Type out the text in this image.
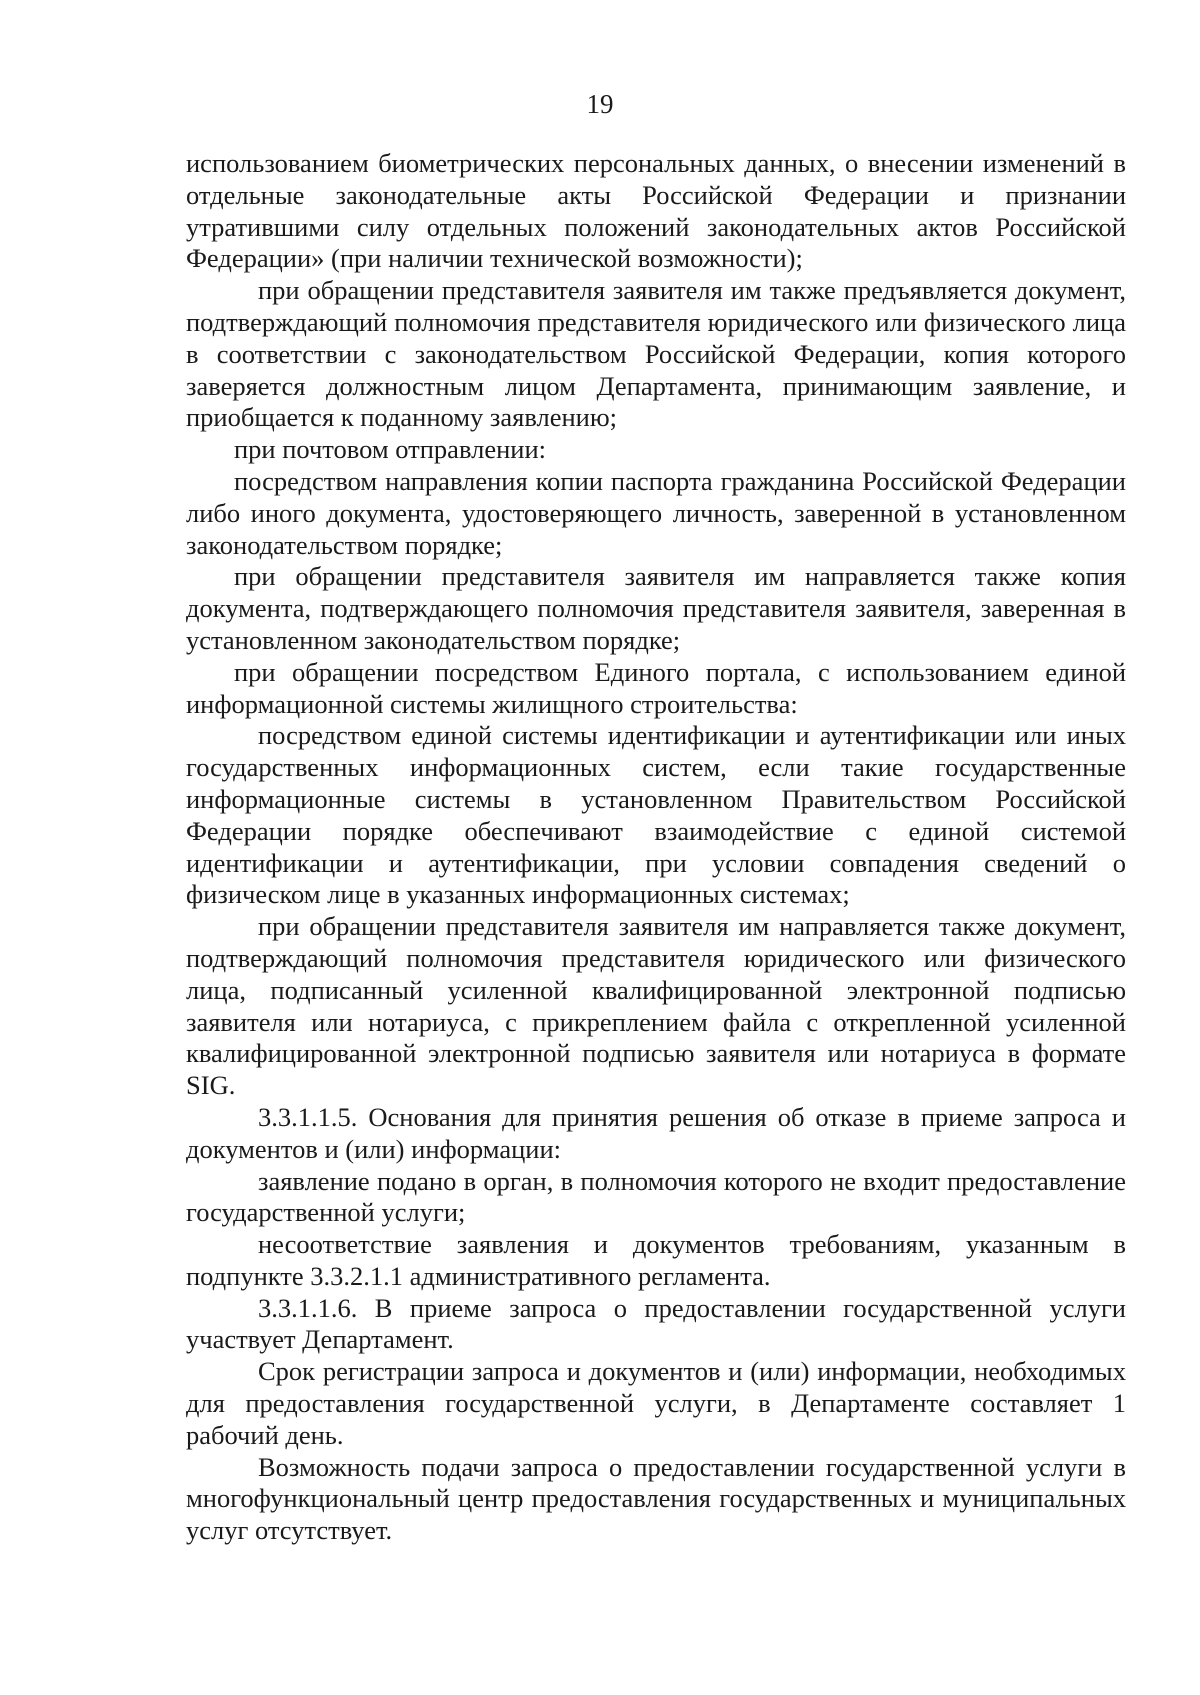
19

использованием биометрических персональных данных, о внесении изменений в отдельные законодательные акты Российской Федерации и признании утратившими силу отдельных положений законодательных актов Российской Федерации» (при наличии технической возможности);

при обращении представителя заявителя им также предъявляется документ, подтверждающий полномочия представителя юридического или физического лица в соответствии с законодательством Российской Федерации, копия которого заверяется должностным лицом Департамента, принимающим заявление, и приобщается к поданному заявлению;

при почтовом отправлении:

посредством направления копии паспорта гражданина Российской Федерации либо иного документа, удостоверяющего личность, заверенной в установленном законодательством порядке;

при обращении представителя заявителя им направляется также копия документа, подтверждающего полномочия представителя заявителя, заверенная в установленном законодательством порядке;

при обращении посредством Единого портала, с использованием единой информационной системы жилищного строительства:

посредством единой системы идентификации и аутентификации или иных государственных информационных систем, если такие государственные информационные системы в установленном Правительством Российской Федерации порядке обеспечивают взаимодействие с единой системой идентификации и аутентификации, при условии совпадения сведений о физическом лице в указанных информационных системах;

при обращении представителя заявителя им направляется также документ, подтверждающий полномочия представителя юридического или физического лица, подписанный усиленной квалифицированной электронной подписью заявителя или нотариуса, с прикреплением файла с открепленной усиленной квалифицированной электронной подписью заявителя или нотариуса в формате SIG.

3.3.1.1.5. Основания для принятия решения об отказе в приеме запроса и документов и (или) информации:

заявление подано в орган, в полномочия которого не входит предоставление государственной услуги;

несоответствие заявления и документов требованиям, указанным в подпункте 3.3.2.1.1 административного регламента.

3.3.1.1.6. В приеме запроса о предоставлении государственной услуги участвует Департамент.

Срок регистрации запроса и документов и (или) информации, необходимых для предоставления государственной услуги, в Департаменте составляет 1 рабочий день.

Возможность подачи запроса о предоставлении государственной услуги в многофункциональный центр предоставления государственных и муниципальных услуг отсутствует.
